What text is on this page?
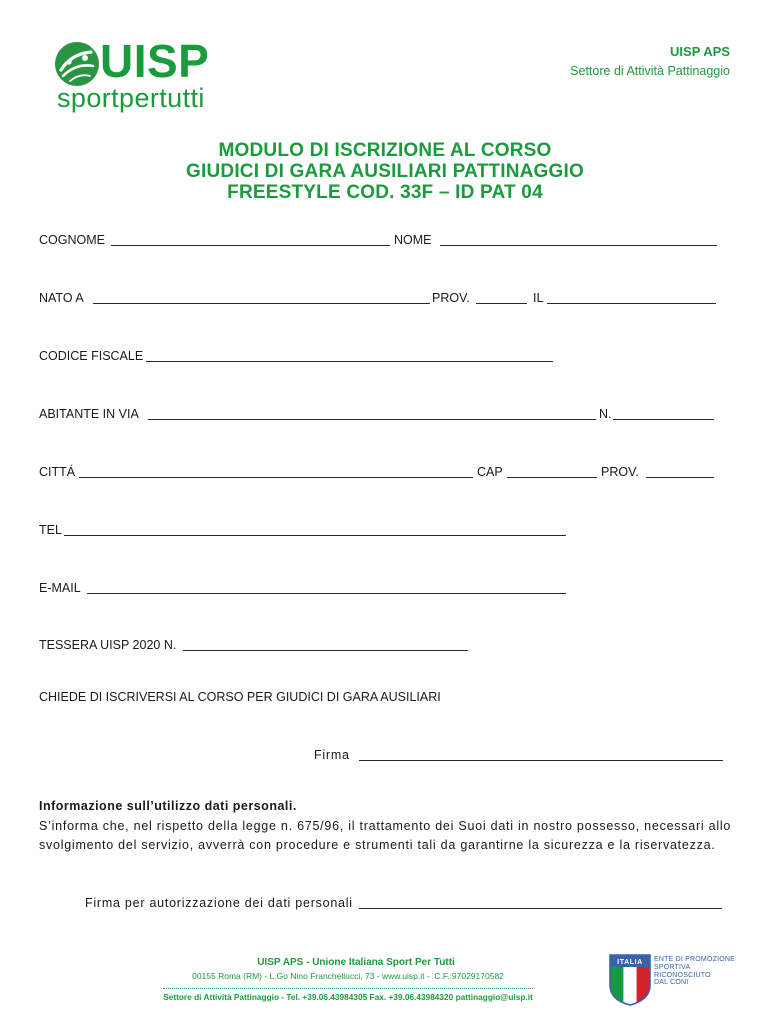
UISP
sportpertutti
UISP APS
Settore di Attività Pattinaggio
MODULO DI ISCRIZIONE AL CORSO
GIUDICI DI GARA AUSILIARI PATTINAGGIO
FREESTYLE COD. 33F – ID PAT 04
COGNOME	NOME
NATO A	PROV.	IL
CODICE FISCALE
ABITANTE IN VIA	N.
CITTÁ	CAP	PROV.
TEL
E-MAIL
TESSERA UISP 2020 N.
CHIEDE DI ISCRIVERSI AL CORSO PER GIUDICI DI GARA AUSILIARI
Firma
Informazione sull’utilizzo dati personali.
S’informa che, nel rispetto della legge n. 675/96, il trattamento dei Suoi dati in nostro possesso, necessari allo
svolgimento del servizio, avverrà con procedure e strumenti tali da garantirne la sicurezza e la riservatezza.
Firma per autorizzazione dei dati personali
UISP APS - Unione Italiana Sport Per Tutti
00155 Roma (RM) - L.Go Nino Franchellucci, 73 - www.uisp.it -  C.F.:97029170582
Settore di Attività Pattinaggio - Tel. +39.06.43984305 Fax. +39.06.43984320 pattinaggio@uisp.it
ITALIA ENTE DI PROMOZIONE
SPORTIVA
RICONOSCIUTO
DAL CONI
